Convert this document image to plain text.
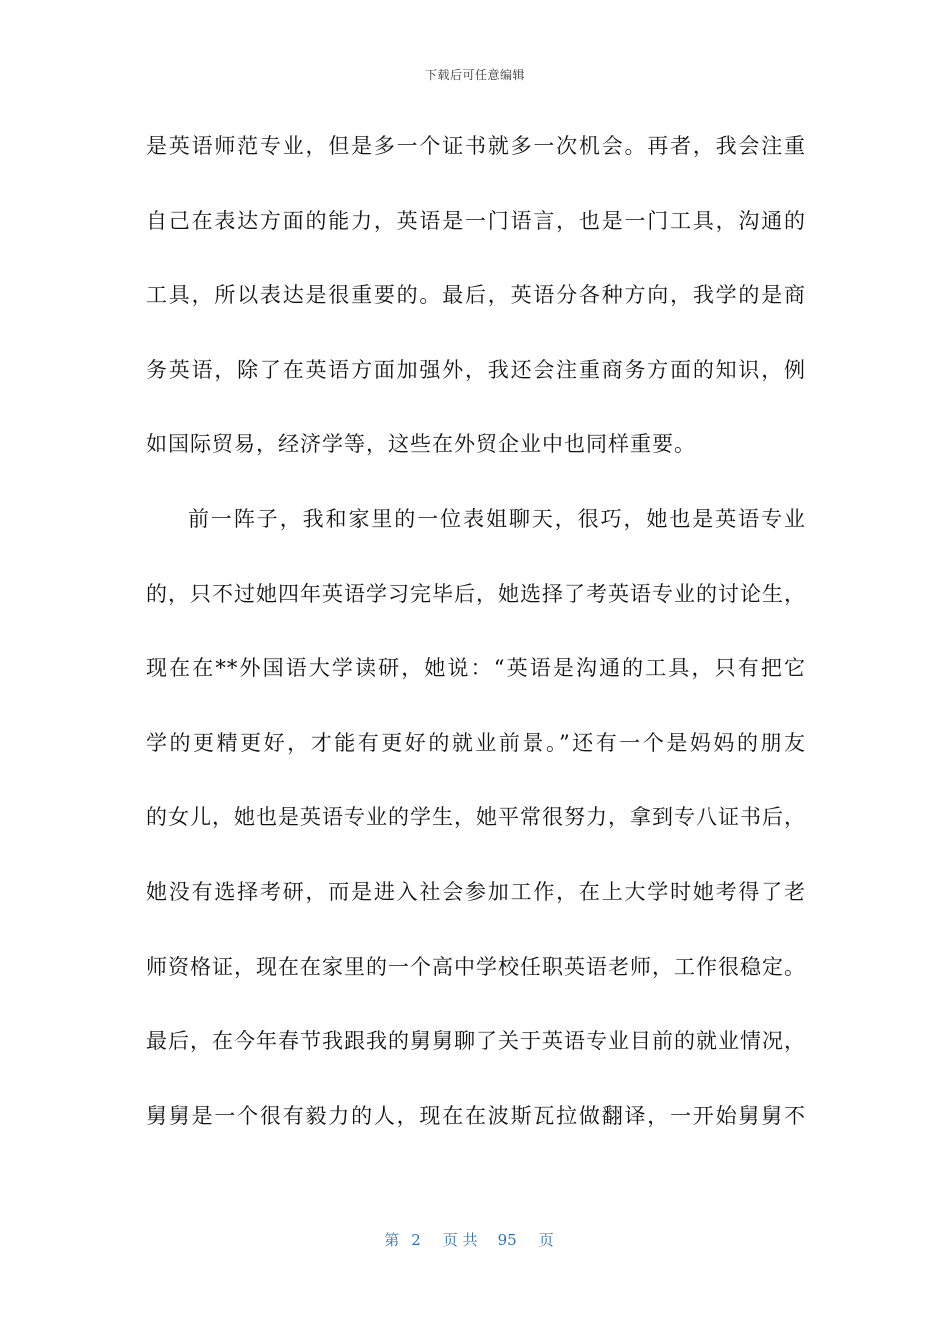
下载后可任意编辑
是英语师范专业，但是多一个证书就多一次机会。再者，我会注重
自己在表达方面的能力，英语是一门语言，也是一门工具，沟通的
工具，所以表达是很重要的。最后，英语分各种方向，我学的是商
务英语，除了在英语方面加强外，我还会注重商务方面的知识，例
如国际贸易，经济学等，这些在外贸企业中也同样重要。
前一阵子，我和家里的一位表姐聊天，很巧，她也是英语专业
的，只不过她四年英语学习完毕后，她选择了考英语专业的讨论生，
现在在**外国语大学读研，她说：“英语是沟通的工具，只有把它
学的更精更好，才能有更好的就业前景。”还有一个是妈妈的朋友
的女儿，她也是英语专业的学生，她平常很努力，拿到专八证书后，
她没有选择考研，而是进入社会参加工作，在上大学时她考得了老
师资格证，现在在家里的一个高中学校任职英语老师，工作很稳定。
最后，在今年春节我跟我的舅舅聊了关于英语专业目前的就业情况，
舅舅是一个很有毅力的人，现在在波斯瓦拉做翻译，一开始舅舅不
第 2 页 共 95 页
